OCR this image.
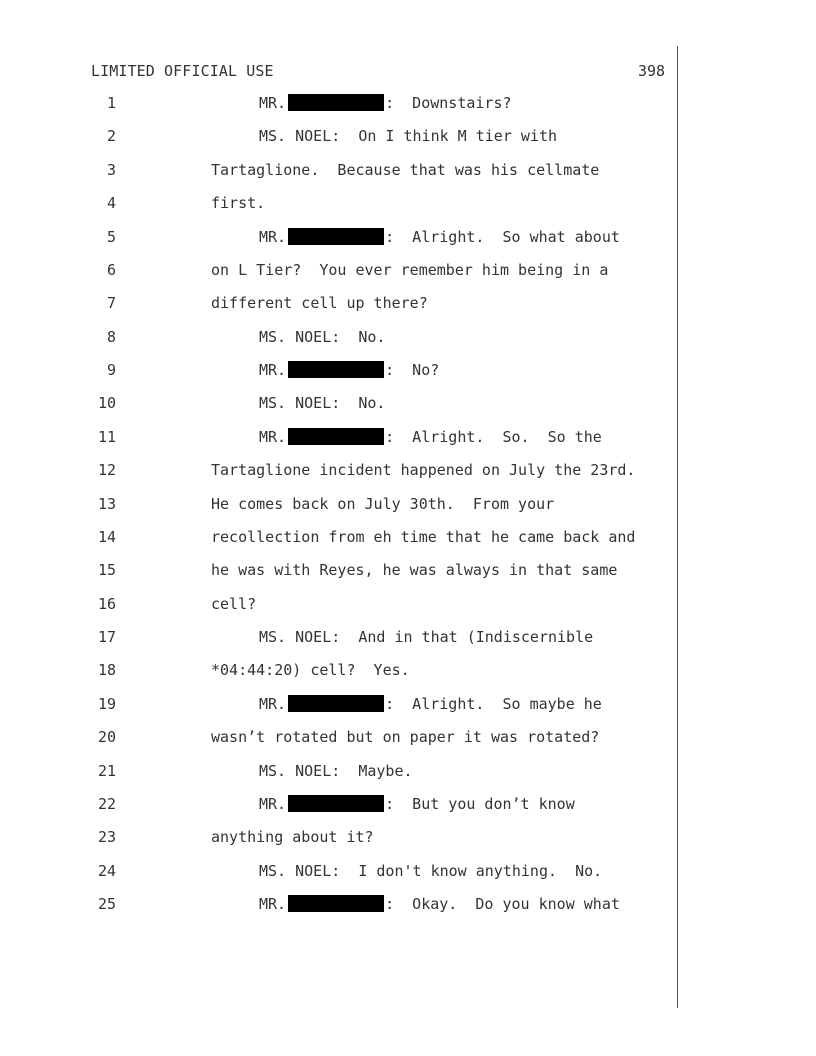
LIMITED OFFICIAL USE	398
1	MR.	:  Downstairs?
2	MS. NOEL:  On I think M tier with
3	Tartaglione.  Because that was his cellmate
4	first.
5	MR.	:  Alright.  So what about
6	on L Tier?  You ever remember him being in a
7	different cell up there?
8	MS. NOEL:  No.
9	MR.	:  No?
10	MS. NOEL:  No.
11	MR.	:  Alright.  So.  So the
12	Tartaglione incident happened on July the 23rd.
13	He comes back on July 30th.  From your
14	recollection from eh time that he came back and
15	he was with Reyes, he was always in that same
16	cell?
17	MS. NOEL:  And in that (Indiscernible
18	*04:44:20) cell?  Yes.
19	MR.	:  Alright.  So maybe he
20	wasn’t rotated but on paper it was rotated?
21	MS. NOEL:  Maybe.
22	MR.	:  But you don’t know
23	anything about it?
24	MS. NOEL:  I don't know anything.  No.
25	MR.	:  Okay.  Do you know what
